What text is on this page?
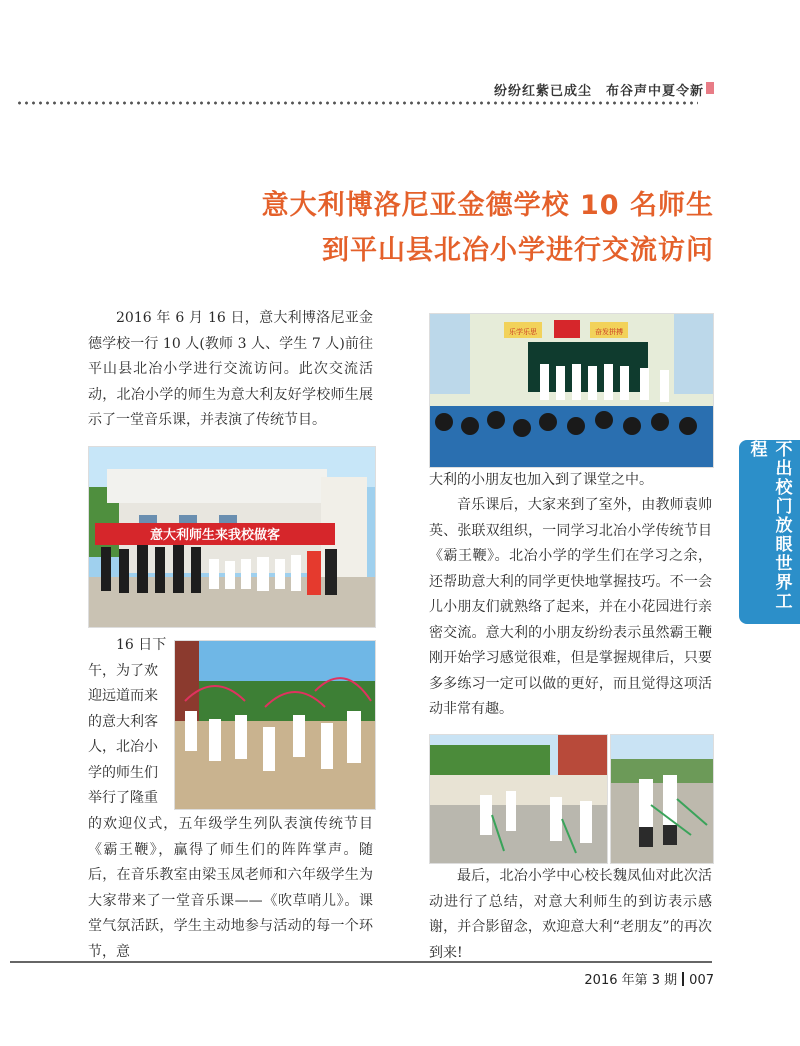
纷纷红紫已成尘　布谷声中夏令新
意大利博洛尼亚金德学校 10 名师生
到平山县北冶小学进行交流访问

2016 年 6 月 16 日，意大利博洛尼亚金德学校一行 10 人(教师 3 人、学生 7 人)前往平山县北冶小学进行交流访问。此次交流活动，北冶小学的师生为意大利友好学校师生展示了一堂音乐课，并表演了传统节目。

意大利师生来我校做客

16 日下午，为了欢迎远道而来的意大利客人，北冶小学的师生们举行了隆重

的欢迎仪式，五年级学生列队表演传统节目《霸王鞭》，赢得了师生们的阵阵掌声。随后，在音乐教室由梁玉凤老师和六年级学生为大家带来了一堂音乐课——《吹草哨儿》。课堂气氛活跃，学生主动地参与活动的每一个环节，意

乐学乐思	奋发拼搏

大利的小朋友也加入到了课堂之中。

音乐课后，大家来到了室外，由教师袁帅英、张联双组织，一同学习北冶小学传统节目《霸王鞭》。北冶小学的学生们在学习之余，还帮助意大利的同学更快地掌握技巧。不一会儿小朋友们就熟络了起来，并在小花园进行亲密交流。意大利的小朋友纷纷表示虽然霸王鞭刚开始学习感觉很难，但是掌握规律后，只要多多练习一定可以做的更好，而且觉得这项活动非常有趣。

最后，北冶小学中心校长魏凤仙对此次活动进行了总结，对意大利师生的到访表示感谢，并合影留念，欢迎意大利“老朋友”的再次到来!

不出校门放眼世界工程
2016 年第 3 期 007
